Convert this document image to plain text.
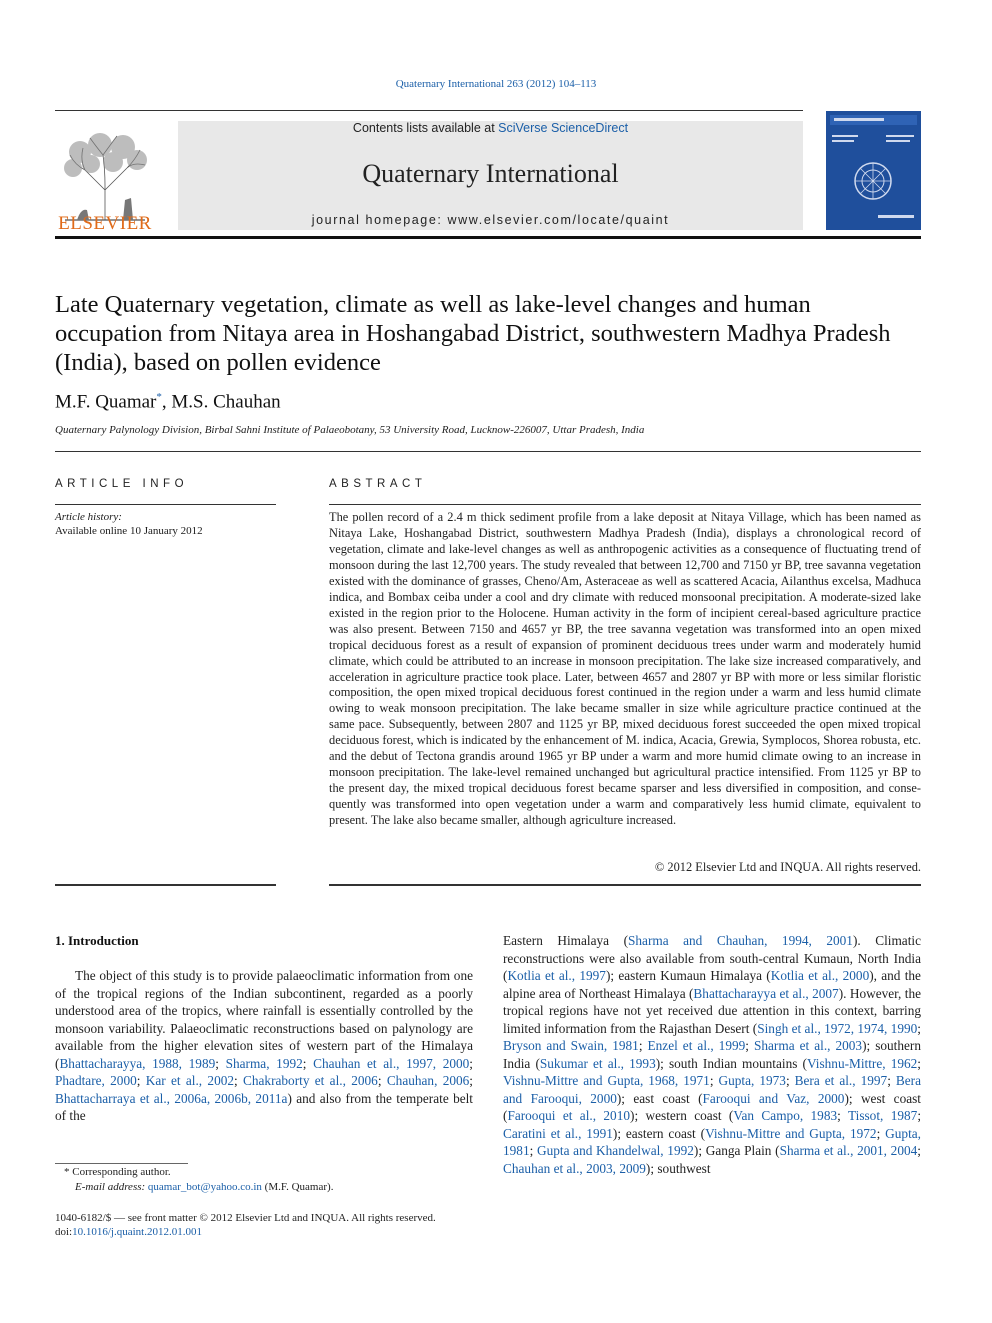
Quaternary International 263 (2012) 104–113
ELSEVIER
Contents lists available at SciVerse ScienceDirect
Quaternary International
journal homepage: www.elsevier.com/locate/quaint
Late Quaternary vegetation, climate as well as lake-level changes and human occupation from Nitaya area in Hoshangabad District, southwestern Madhya Pradesh (India), based on pollen evidence
M.F. Quamar*, M.S. Chauhan
Quaternary Palynology Division, Birbal Sahni Institute of Palaeobotany, 53 University Road, Lucknow-226007, Uttar Pradesh, India
ARTICLE INFO
Article history:
Available online 10 January 2012
ABSTRACT
The pollen record of a 2.4 m thick sediment profile from a lake deposit at Nitaya Village, which has been named as Nitaya Lake, Hoshangabad District, southwestern Madhya Pradesh (India), displays a chronological record of vegetation, climate and lake-level changes as well as anthropogenic activities as a consequence of fluctuating trend of monsoon during the last 12,700 years. The study revealed that between 12,700 and 7150 yr BP, tree savanna vegetation existed with the dominance of grasses, Cheno/Am, Asteraceae as well as scattered Acacia, Ailanthus excelsa, Madhuca indica, and Bombax ceiba under a cool and dry climate with reduced monsoonal precipitation. A moderate-sized lake existed in the region prior to the Holocene. Human activity in the form of incipient cereal-based agriculture practice was also present. Between 7150 and 4657 yr BP, the tree savanna vegetation was transformed into an open mixed tropical deciduous forest as a result of expansion of prominent deciduous trees under warm and moderately humid climate, which could be attributed to an increase in monsoon precipitation. The lake size increased comparatively, and acceleration in agriculture practice took place. Later, between 4657 and 2807 yr BP with more or less similar floristic composition, the open mixed tropical deciduous forest continued in the region under a warm and less humid climate owing to weak monsoon precipitation. The lake became smaller in size while agriculture practice continued at the same pace. Subsequently, between 2807 and 1125 yr BP, mixed deciduous forest succeeded the open mixed tropical deciduous forest, which is indicated by the enhancement of M. indica, Acacia, Grewia, Symplocos, Shorea robusta, etc. and the debut of Tectona grandis around 1965 yr BP under a warm and more humid climate owing to an increase in monsoon precipitation. The lake-level remained unchanged but agricultural practice intensified. From 1125 yr BP to the present day, the mixed tropical deciduous forest became sparser and less diversified in composition, and consequently was transformed into open vegetation under a warm and comparatively less humid climate, equivalent to present. The lake also became smaller, although agriculture increased.
© 2012 Elsevier Ltd and INQUA. All rights reserved.
1. Introduction
The object of this study is to provide palaeoclimatic information from one of the tropical regions of the Indian subcontinent, regarded as a poorly understood area of the tropics, where rainfall is essentially controlled by the monsoon variability. Palaeoclimatic reconstructions based on palynology are available from the higher elevation sites of western part of the Himalaya (Bhattacharayya, 1988, 1989; Sharma, 1992; Chauhan et al., 1997, 2000; Phadtare, 2000; Kar et al., 2002; Chakraborty et al., 2006; Chauhan, 2006; Bhattacharraya et al., 2006a, 2006b, 2011a) and also from the temperate belt of the
Eastern Himalaya (Sharma and Chauhan, 1994, 2001). Climatic reconstructions were also available from south-central Kumaun, North India (Kotlia et al., 1997); eastern Kumaun Himalaya (Kotlia et al., 2000), and the alpine area of Northeast Himalaya (Bhattacharayya et al., 2007). However, the tropical regions have not yet received due attention in this context, barring limited information from the Rajasthan Desert (Singh et al., 1972, 1974, 1990; Bryson and Swain, 1981; Enzel et al., 1999; Sharma et al., 2003); southern India (Sukumar et al., 1993); south Indian mountains (Vishnu-Mittre, 1962; Vishnu-Mittre and Gupta, 1968, 1971; Gupta, 1973; Bera et al., 1997; Bera and Farooqui, 2000); east coast (Farooqui and Vaz, 2000); west coast (Farooqui et al., 2010); western coast (Van Campo, 1983; Tissot, 1987; Caratini et al., 1991); eastern coast (Vishnu-Mittre and Gupta, 1972; Gupta, 1981; Gupta and Khandelwal, 1992); Ganga Plain (Sharma et al., 2001, 2004; Chauhan et al., 2003, 2009); southwest
* Corresponding author.
E-mail address: quamar_bot@yahoo.co.in (M.F. Quamar).
1040-6182/$ — see front matter © 2012 Elsevier Ltd and INQUA. All rights reserved.
doi:10.1016/j.quaint.2012.01.001
